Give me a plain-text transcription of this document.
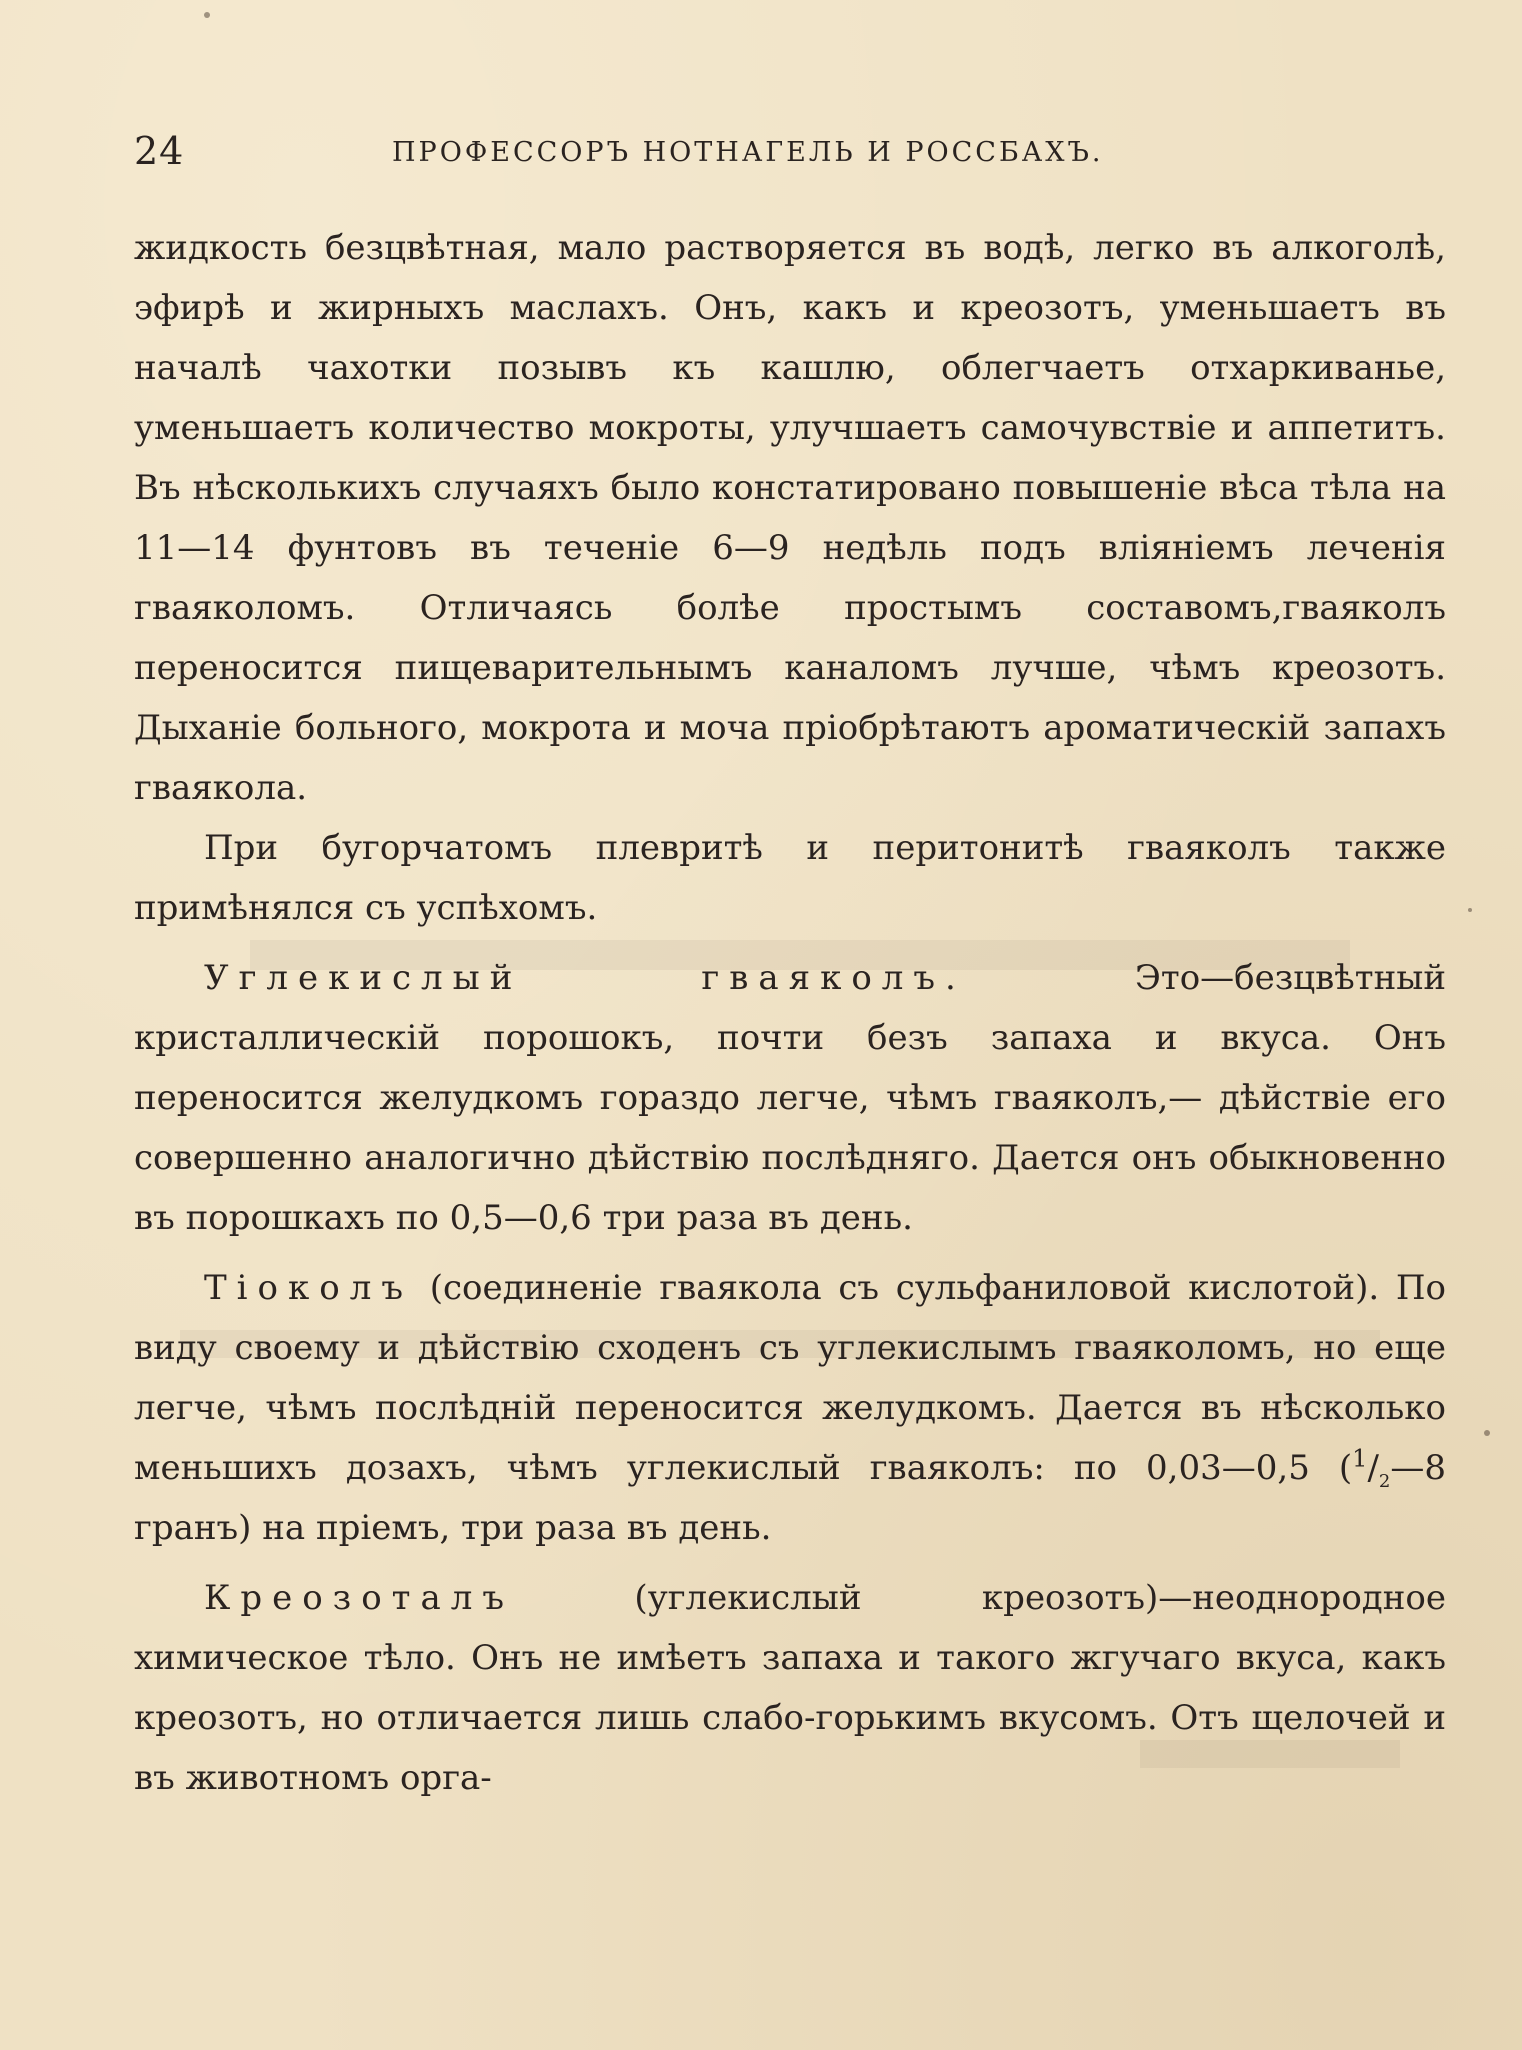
24	ПРОФЕССОРЪ НОТНАГЕЛЬ И РОССБАХЪ.

жидкость безцвѣтная, мало растворяется въ водѣ, легко въ алкоголѣ, эфирѣ и жирныхъ маслахъ. Онъ, какъ и креозотъ, уменьшаетъ въ началѣ чахотки позывъ къ кашлю, облегчаетъ отхаркиванье, уменьшаетъ количество мокроты, улучшаетъ самочувствіе и аппетитъ. Въ нѣсколькихъ случаяхъ было констатировано повышеніе вѣса тѣла на 11—14 фунтовъ въ теченіе 6—9 недѣль подъ вліяніемъ леченія гваяколомъ. Отличаясь болѣе простымъ составомъ,гваяколъ переносится пищеварительнымъ каналомъ лучше, чѣмъ креозотъ. Дыханіе больного, мокрота и моча пріобрѣтаютъ ароматическій запахъ гваякола.

При бугорчатомъ плевритѣ и перитонитѣ гваяколъ также примѣнялся съ успѣхомъ.

Углекислый гваяколъ. Это—безцвѣтный кристаллическій порошокъ, почти безъ запаха и вкуса. Онъ переносится желудкомъ гораздо легче, чѣмъ гваяколъ,— дѣйствіе его совершенно аналогично дѣйствію послѣдняго. Дается онъ обыкновенно въ порошкахъ по 0,5—0,6 три раза въ день.

Тіоколъ (соединеніе гваякола съ сульфаниловой кислотой). По виду своему и дѣйствію сходенъ съ углекислымъ гваяколомъ, но еще легче, чѣмъ послѣдній переносится желудкомъ. Дается въ нѣсколько меньшихъ дозахъ, чѣмъ углекислый гваяколъ: по 0,03—0,5 ($^1/_2—8$ гранъ) на пріемъ, три раза въ день.

Креозоталъ (углекислый креозотъ)—неоднородное химическое тѣло. Онъ не имѣетъ запаха и такого жгучаго вкуса, какъ креозотъ, но отличается лишь слабо-горькимъ вкусомъ. Отъ щелочей и въ животномъ орга-
